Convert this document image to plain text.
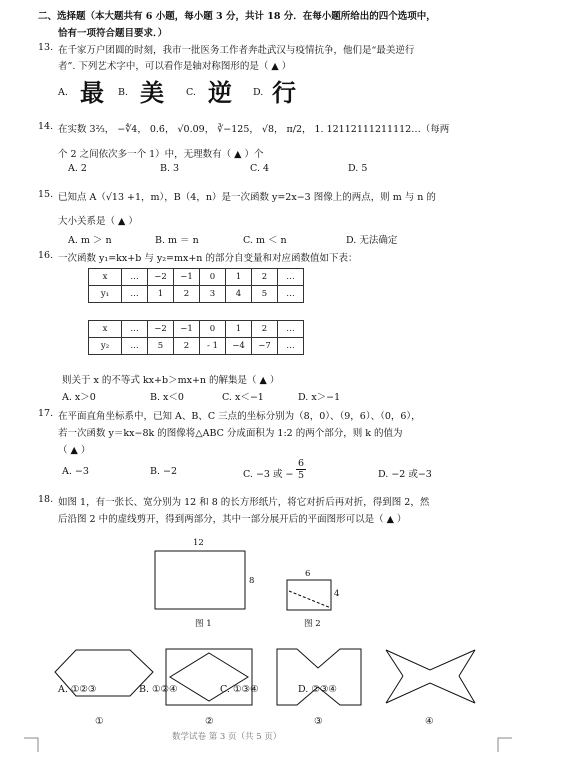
二、选择题（本大题共有 6 小题，每小题 3 分，共计 18 分．在每小题所给出的四个选项中，
恰有一项符合题目要求．）
13. 在千家万户团圆的时刻，我市一批医务工作者奔赴武汉与疫情抗争，他们是“最美逆行
者”. 下列艺术字中，可以看作是轴对称图形的是（ ▲ ）
A. 最 B. 美 C. 逆 D. 行
14. 在实数 3⅔， −∜4， 0.6̇， √0.09， ∛−125， √8， π/2， 1. 12112111211112…（每两
个 2 之间依次多一个 1）中，无理数有（ ▲ ）个
A. 2	B. 3	C. 4	D. 5
15. 已知点 A（√13 +1，m），B（4，n）是一次函数 y=2x−3 图像上的两点，则 m 与 n 的
大小关系是（ ▲ ）
A. m ＞ n	B. m ＝ n	C. m ＜ n	D. 无法确定
16. 一次函数 y₁=kx+b 与 y₂=mx+n 的部分自变量和对应函数值如下表：
x	…	−2	−1	0	1	2	…
y₁	…	1	2	3	4	5	…
x	…	−2	−1	0	1	2	…
y₂	…	5	2	- 1	−4	−7	…
则关于 x 的不等式 kx+b＞mx+n 的解集是（ ▲ ）
A. x＞0	B. x＜0	C. x＜−1	D. x＞−1
17. 在平面直角坐标系中，已知 A、B、C 三点的坐标分别为（8，0）、（9，6）、（0，6），
若一次函数 y＝kx−8k 的图像将△ABC 分成面积为 1:2 的两个部分，则 k 的值为
（ ▲ ）
A. −3	B. −2	C. −3 或 − $\frac{6}{5}$	D. −2 或−3
18. 如图 1，有一张长、宽分别为 12 和 8 的长方形纸片，将它对折后再对折，得到图 2，然
后沿图 2 中的虚线剪开，得到两部分，其中一部分展开后的平面图形可以是（ ▲ ）
12
8
图 1
6
4
图 2
A. ①②③	B. ①②④	C. ①③④	D. ②③④
①	②	③	④
数学试卷 第 3 页（共 5 页）
